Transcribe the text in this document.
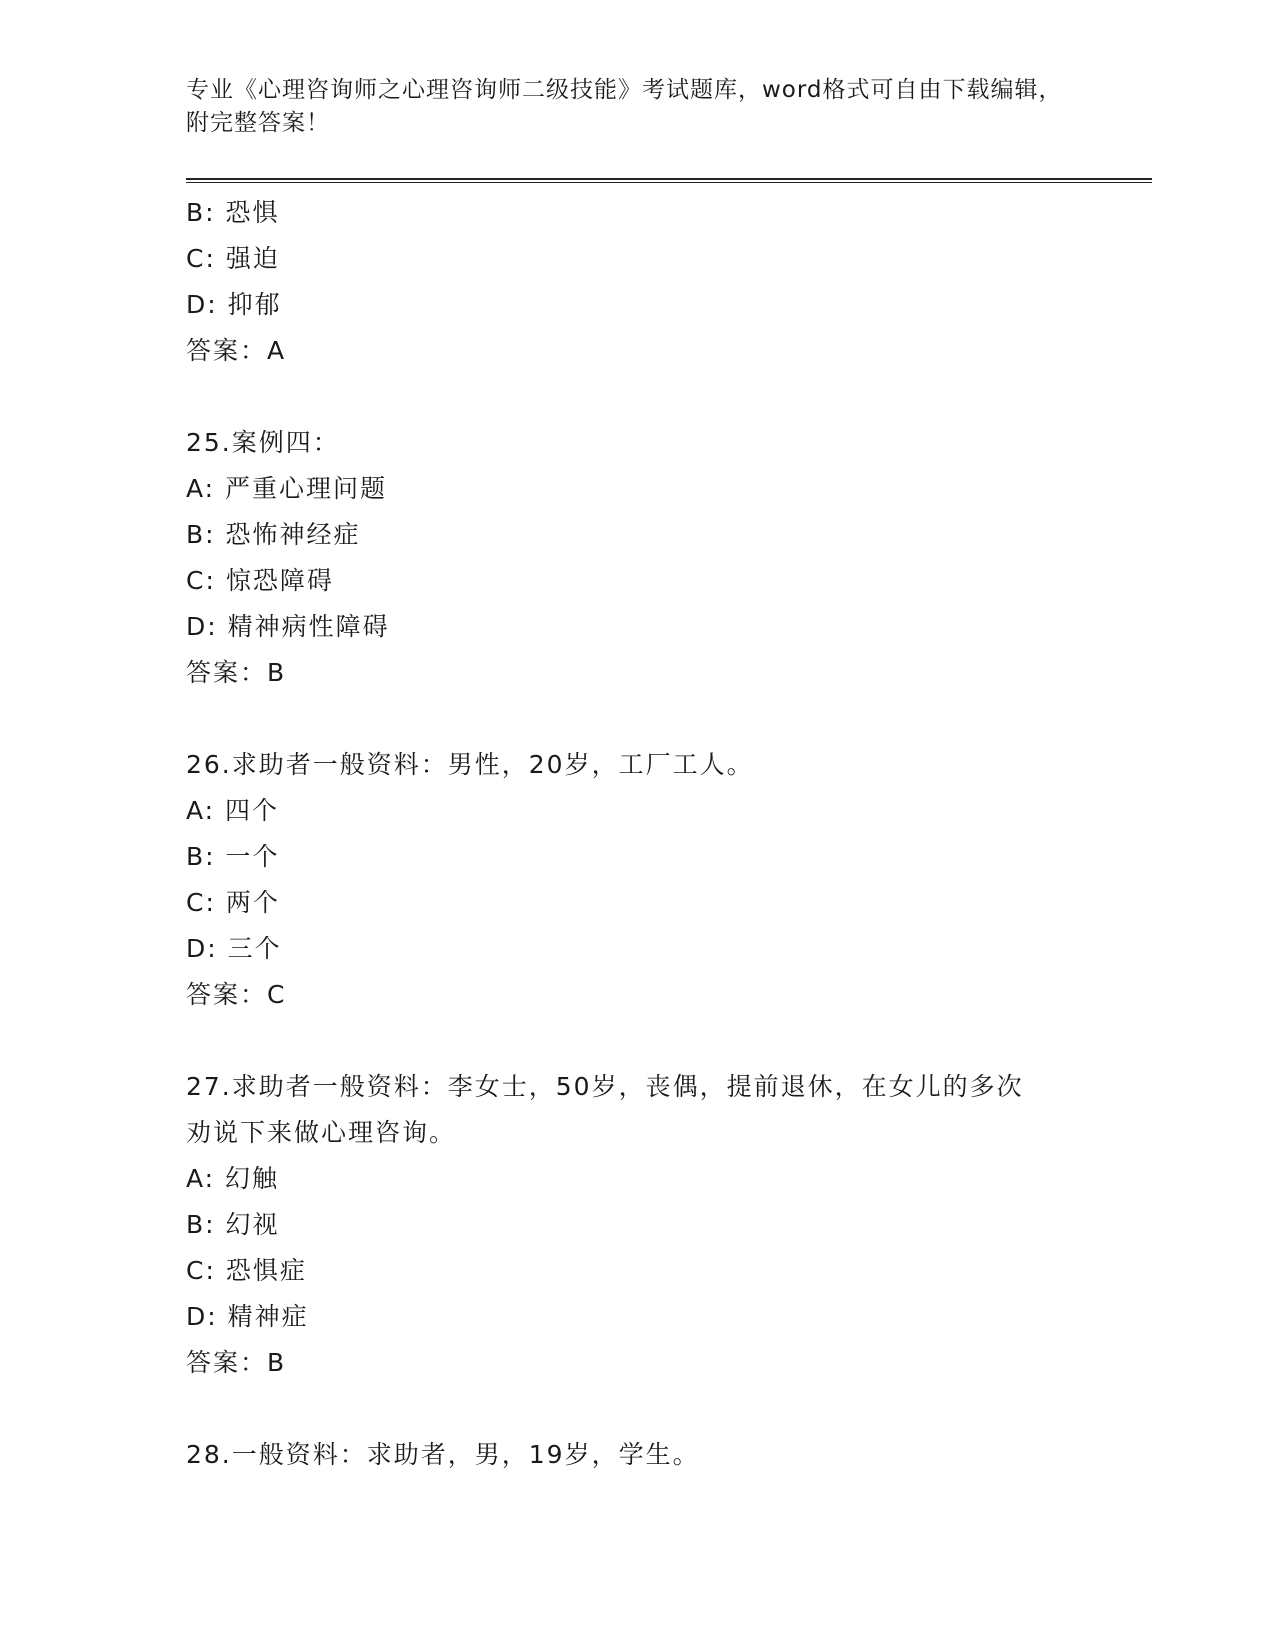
专业《心理咨询师之心理咨询师二级技能》考试题库，word格式可自由下载编辑，附完整答案！
B: 恐惧
C: 强迫
D: 抑郁
答案：A
25.案例四：
A: 严重心理问题
B: 恐怖神经症
C: 惊恐障碍
D: 精神病性障碍
答案：B
26.求助者一般资料：男性，20岁，工厂工人。
A: 四个
B: 一个
C: 两个
D: 三个
答案：C
27.求助者一般资料：李女士，50岁，丧偶，提前退休，在女儿的多次
劝说下来做心理咨询。
A: 幻触
B: 幻视
C: 恐惧症
D: 精神症
答案：B
28.一般资料：求助者，男，19岁，学生。
